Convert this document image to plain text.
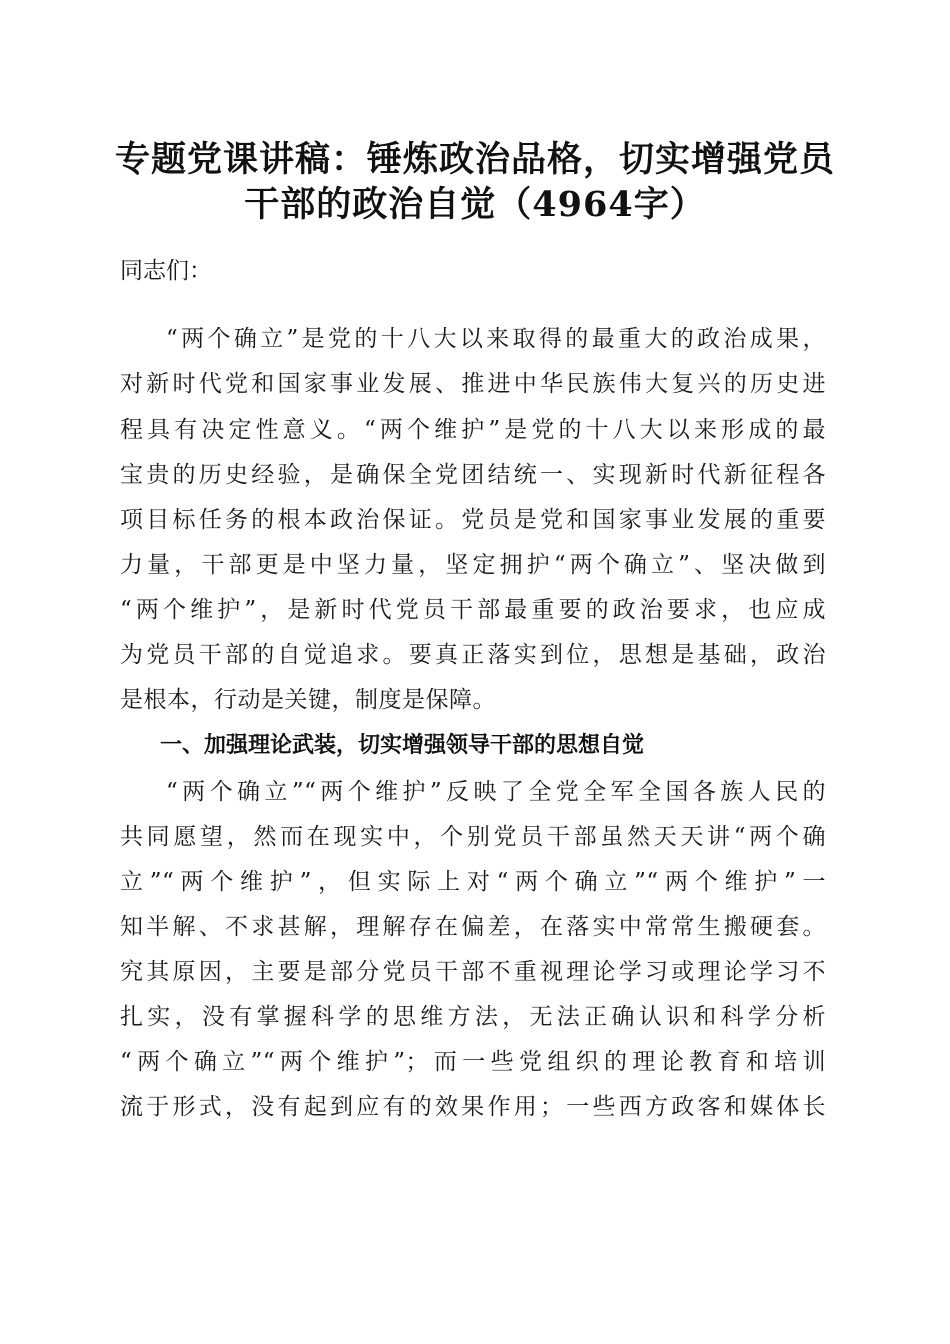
专题党课讲稿：锤炼政治品格，切实增强党员
干部的政治自觉（4964字）
同志们：
“两个确立”是党的十八大以来取得的最重大的政治成果，
对新时代党和国家事业发展、推进中华民族伟大复兴的历史进
程具有决定性意义。“两个维护”是党的十八大以来形成的最
宝贵的历史经验，是确保全党团结统一、实现新时代新征程各
项目标任务的根本政治保证。党员是党和国家事业发展的重要
力量，干部更是中坚力量，坚定拥护“两个确立”、坚决做到
“两个维护”，是新时代党员干部最重要的政治要求，也应成
为党员干部的自觉追求。要真正落实到位，思想是基础，政治
是根本，行动是关键，制度是保障。
一、加强理论武装，切实增强领导干部的思想自觉
“两个确立”“两个维护”反映了全党全军全国各族人民的
共同愿望，然而在现实中，个别党员干部虽然天天讲“两个确
立”“两个维护”，但实际上对“两个确立”“两个维护”一
知半解、不求甚解，理解存在偏差，在落实中常常生搬硬套。
究其原因，主要是部分党员干部不重视理论学习或理论学习不
扎实，没有掌握科学的思维方法，无法正确认识和科学分析
“两个确立”“两个维护”；而一些党组织的理论教育和培训
流于形式，没有起到应有的效果作用；一些西方政客和媒体长
